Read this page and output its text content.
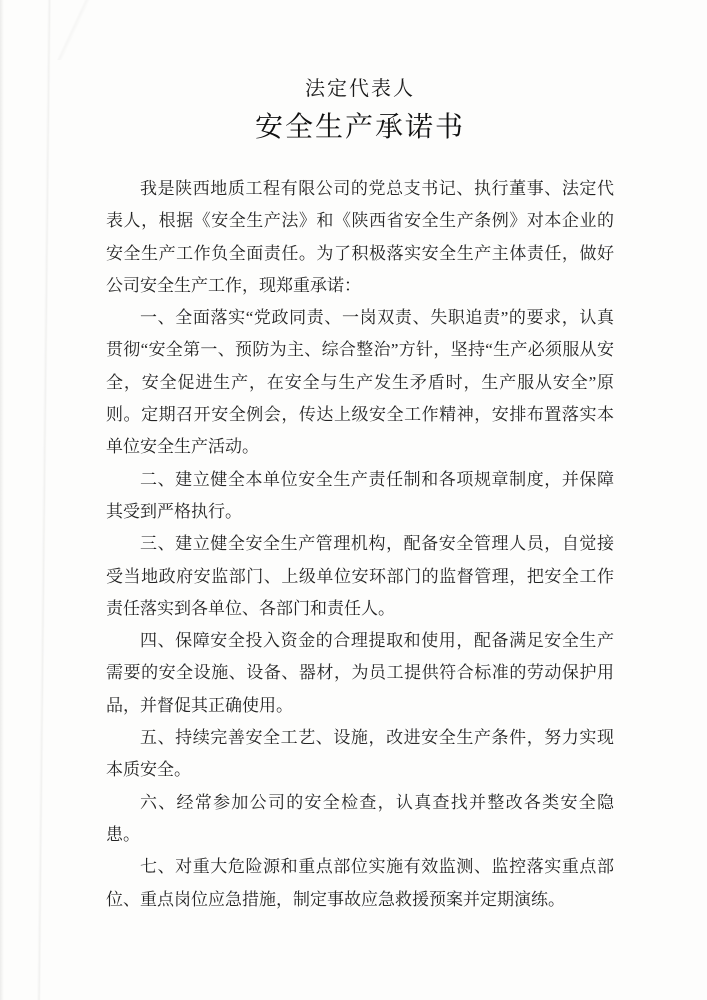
法定代表人
安全生产承诺书

我是陕西地质工程有限公司的党总支书记、执行董事、法定代表人，根据《安全生产法》和《陕西省安全生产条例》对本企业的安全生产工作负全面责任。为了积极落实安全生产主体责任，做好公司安全生产工作，现郑重承诺：

一、全面落实“党政同责、一岗双责、失职追责”的要求，认真贯彻“安全第一、预防为主、综合整治”方针，坚持“生产必须服从安全，安全促进生产，在安全与生产发生矛盾时，生产服从安全”原则。定期召开安全例会，传达上级安全工作精神，安排布置落实本单位安全生产活动。

二、建立健全本单位安全生产责任制和各项规章制度，并保障其受到严格执行。

三、建立健全安全生产管理机构，配备安全管理人员，自觉接受当地政府安监部门、上级单位安环部门的监督管理，把安全工作责任落实到各单位、各部门和责任人。

四、保障安全投入资金的合理提取和使用，配备满足安全生产需要的安全设施、设备、器材，为员工提供符合标准的劳动保护用品，并督促其正确使用。

五、持续完善安全工艺、设施，改进安全生产条件，努力实现本质安全。

六、经常参加公司的安全检查，认真查找并整改各类安全隐患。

七、对重大危险源和重点部位实施有效监测、监控落实重点部位、重点岗位应急措施，制定事故应急救援预案并定期演练。
